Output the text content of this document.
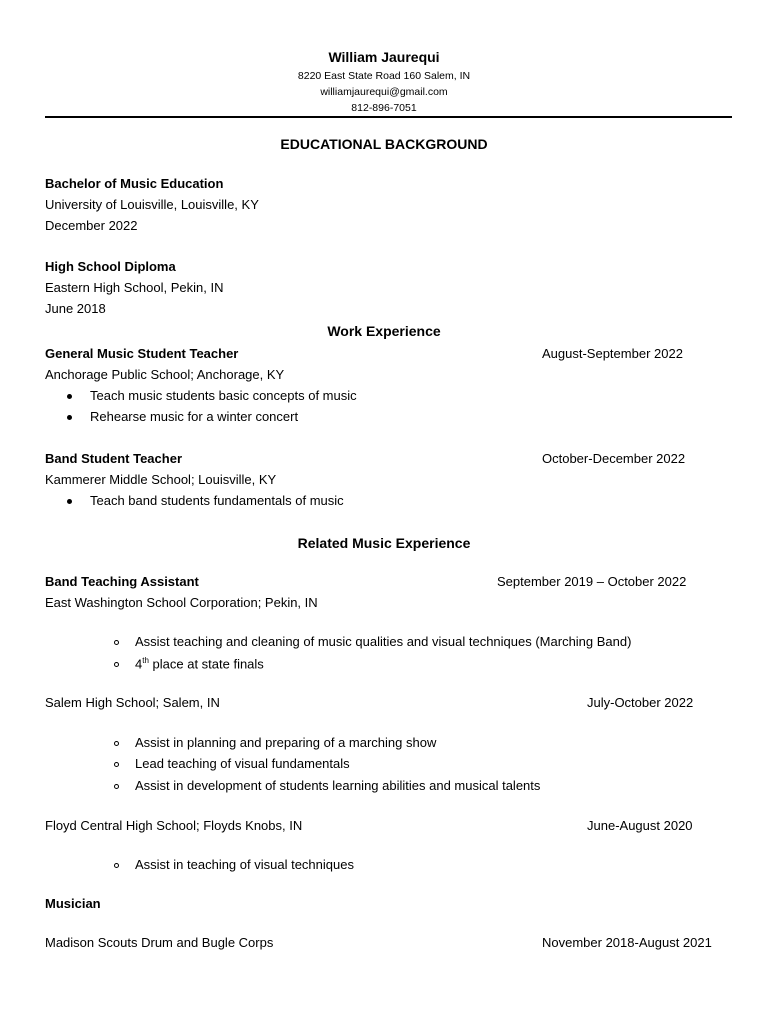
William Jaurequi
8220 East State Road 160 Salem, IN
williamjaurequi@gmail.com
812-896-7051
EDUCATIONAL BACKGROUND
Bachelor of Music Education
University of Louisville, Louisville, KY
December 2022
High School Diploma
Eastern High School, Pekin, IN
June 2018
Work Experience
General Music Student Teacher	August-September 2022
Anchorage Public School; Anchorage, KY
Teach music students basic concepts of music
Rehearse music for a winter concert
Band Student Teacher	October-December 2022
Kammerer Middle School; Louisville, KY
Teach band students fundamentals of music
Related Music Experience
Band Teaching Assistant	September 2019 – October 2022
East Washington School Corporation; Pekin, IN
Assist teaching and cleaning of music qualities and visual techniques (Marching Band)
4th place at state finals
Salem High School; Salem, IN	July-October 2022
Assist in planning and preparing of a marching show
Lead teaching of visual fundamentals
Assist in development of students learning abilities and musical talents
Floyd Central High School; Floyds Knobs, IN	June-August 2020
Assist in teaching of visual techniques
Musician
Madison Scouts Drum and Bugle Corps	November 2018-August 2021
